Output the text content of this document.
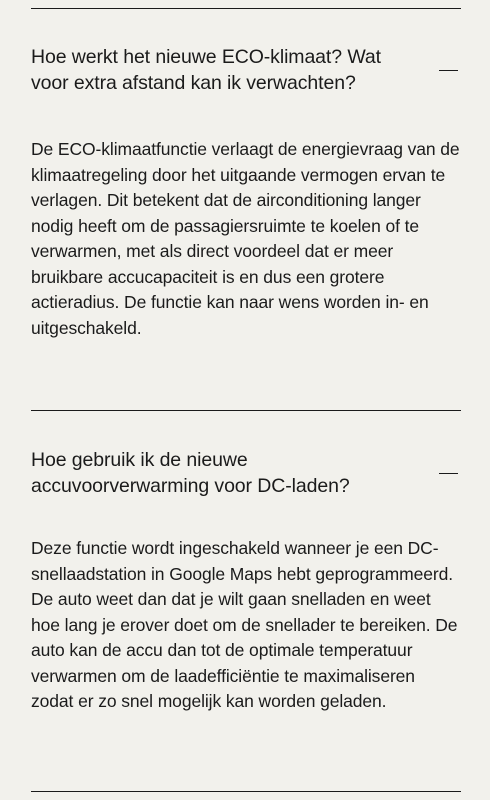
Hoe werkt het nieuwe ECO-klimaat? Wat voor extra afstand kan ik verwachten?

De ECO-klimaatfunctie verlaagt de energievraag van de klimaatregeling door het uitgaande vermogen ervan te verlagen. Dit betekent dat de airconditioning langer nodig heeft om de passagiersruimte te koelen of te verwarmen, met als direct voordeel dat er meer bruikbare accucapaciteit is en dus een grotere actieradius. De functie kan naar wens worden in- en uitgeschakeld.

Hoe gebruik ik de nieuwe accuvoorverwarming voor DC-laden?

Deze functie wordt ingeschakeld wanneer je een DC-snellaadstation in Google Maps hebt geprogrammeerd. De auto weet dan dat je wilt gaan snelladen en weet hoe lang je erover doet om de snellader te bereiken. De auto kan de accu dan tot de optimale temperatuur verwarmen om de laadefficiëntie te maximaliseren zodat er zo snel mogelijk kan worden geladen.
